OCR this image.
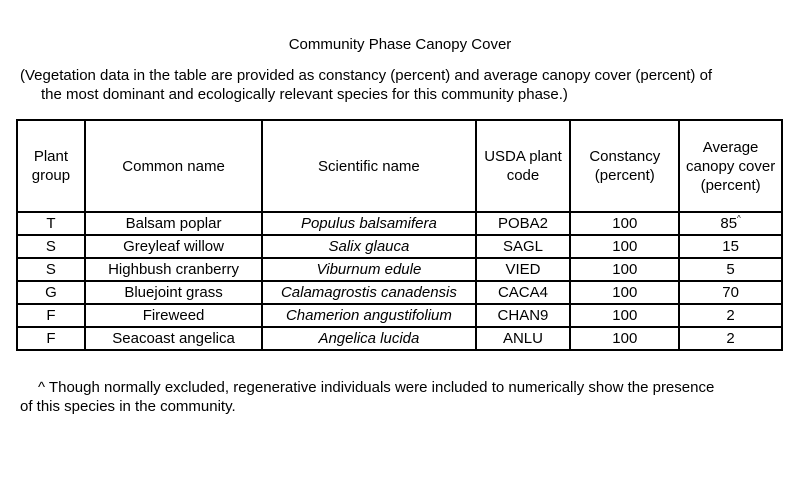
Community Phase Canopy Cover
(Vegetation data in the table are provided as constancy (percent) and average canopy cover (percent) of
the most dominant and ecologically relevant species for this community phase.)
Plant group	Common name	Scientific name	USDA plant code	Constancy (percent)	Average canopy cover (percent)
T	Balsam poplar	Populus balsamifera	POBA2	100	85^
S	Greyleaf willow	Salix glauca	SAGL	100	15
S	Highbush cranberry	Viburnum edule	VIED	100	5
G	Bluejoint grass	Calamagrostis canadensis	CACA4	100	70
F	Fireweed	Chamerion angustifolium	CHAN9	100	2
F	Seacoast angelica	Angelica lucida	ANLU	100	2
^ Though normally excluded, regenerative individuals were included to numerically show the presence
of this species in the community.
